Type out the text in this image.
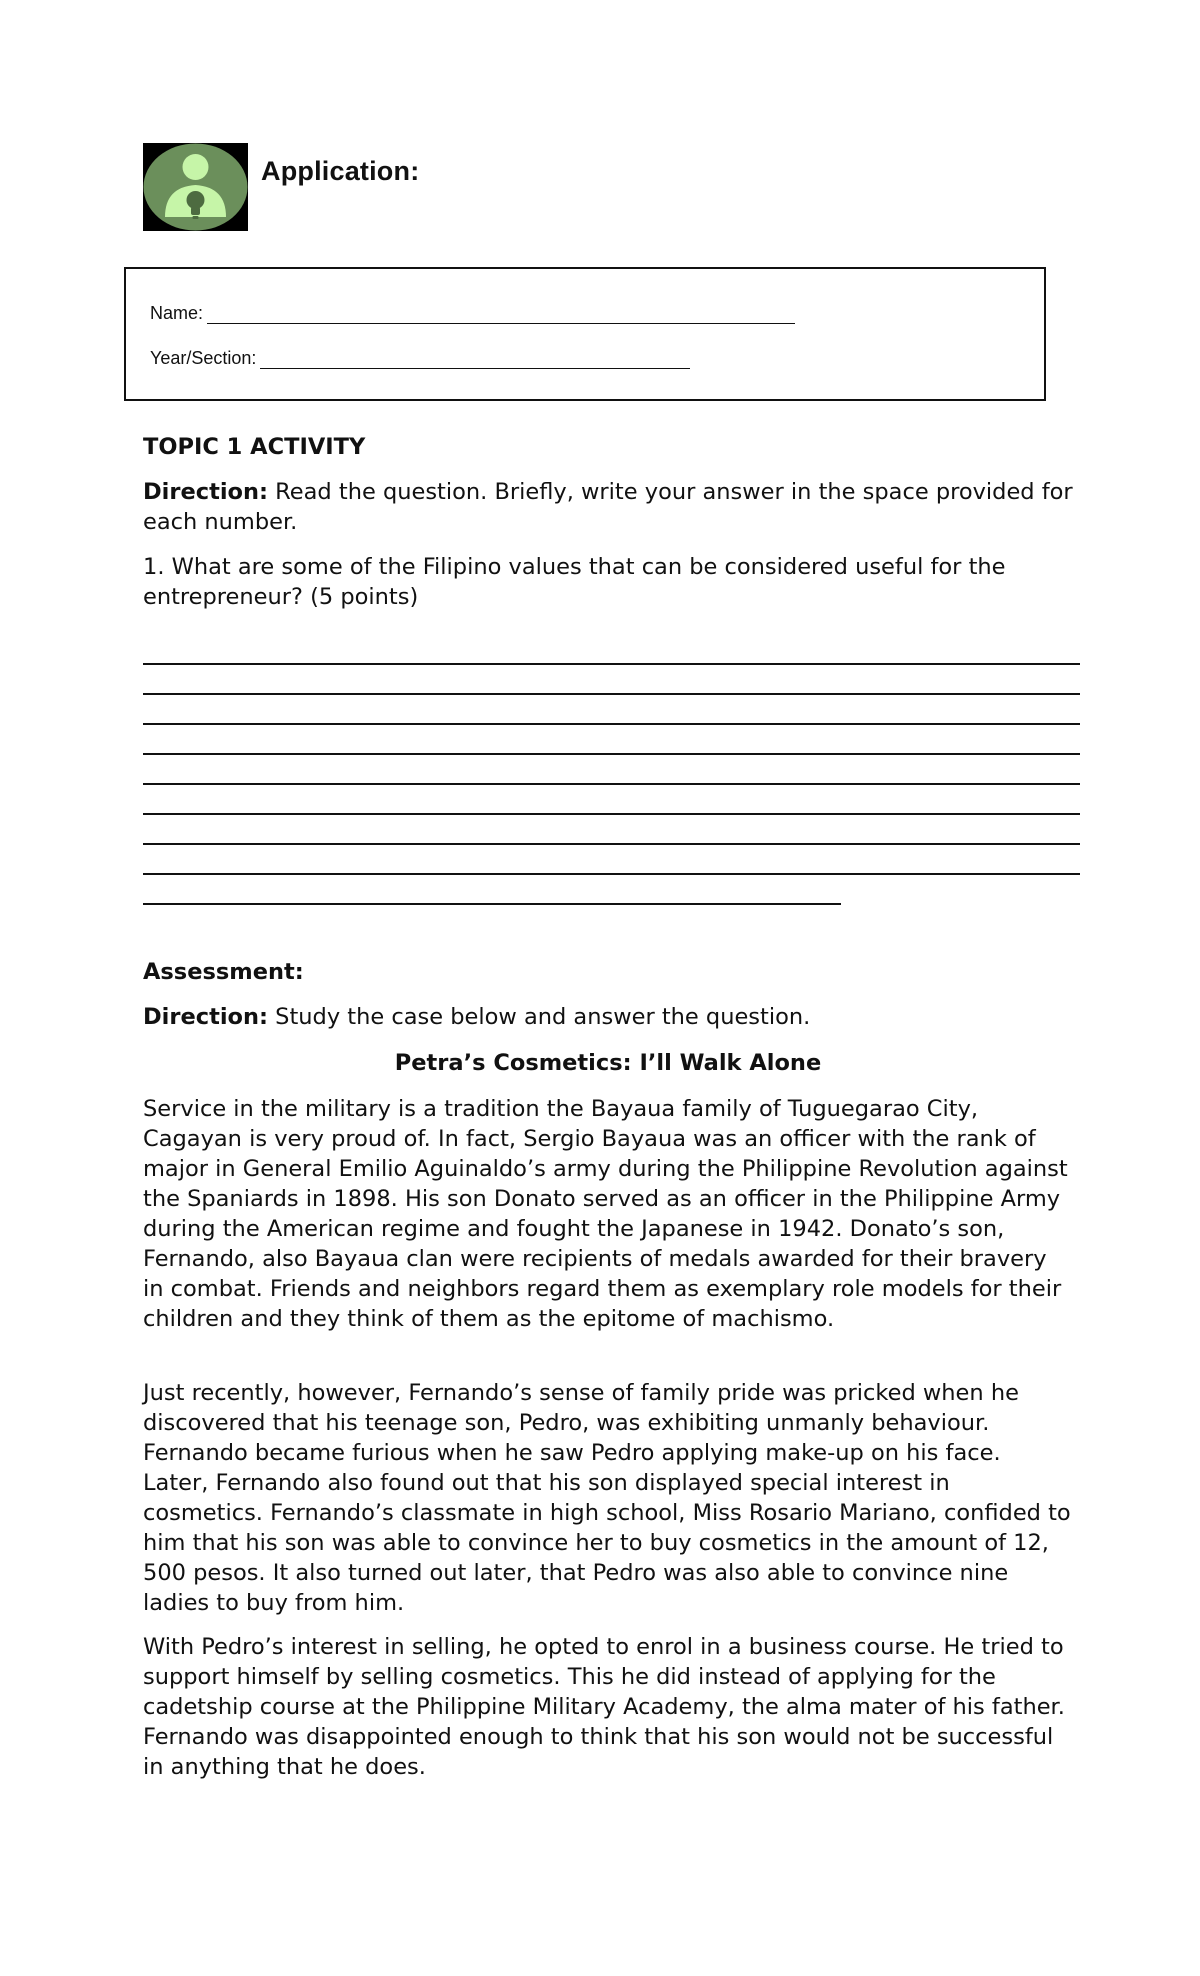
Application:
Name:
Year/Section:
TOPIC 1 ACTIVITY
Direction: Read the question. Briefly, write your answer in the space provided for each number.
1. What are some of the Filipino values that can be considered useful for the entrepreneur? (5 points)
Assessment:
Direction: Study the case below and answer the question.
Petra’s Cosmetics: I’ll Walk Alone
Service in the military is a tradition the Bayaua family of Tuguegarao City, Cagayan is very proud of. In fact, Sergio Bayaua was an officer with the rank of major in General Emilio Aguinaldo’s army during the Philippine Revolution against the Spaniards in 1898. His son Donato served as an officer in the Philippine Army during the American regime and fought the Japanese in 1942. Donato’s son, Fernando, also Bayaua clan were recipients of medals awarded for their bravery in combat. Friends and neighbors regard them as exemplary role models for their children and they think of them as the epitome of machismo.
Just recently, however, Fernando’s sense of family pride was pricked when he discovered that his teenage son, Pedro, was exhibiting unmanly behaviour. Fernando became furious when he saw Pedro applying make-up on his face. Later, Fernando also found out that his son displayed special interest in cosmetics. Fernando’s classmate in high school, Miss Rosario Mariano, confided to him that his son was able to convince her to buy cosmetics in the amount of 12, 500 pesos. It also turned out later, that Pedro was also able to convince nine ladies to buy from him.
With Pedro’s interest in selling, he opted to enrol in a business course. He tried to support himself by selling cosmetics. This he did instead of applying for the cadetship course at the Philippine Military Academy, the alma mater of his father. Fernando was disappointed enough to think that his son would not be successful in anything that he does.
